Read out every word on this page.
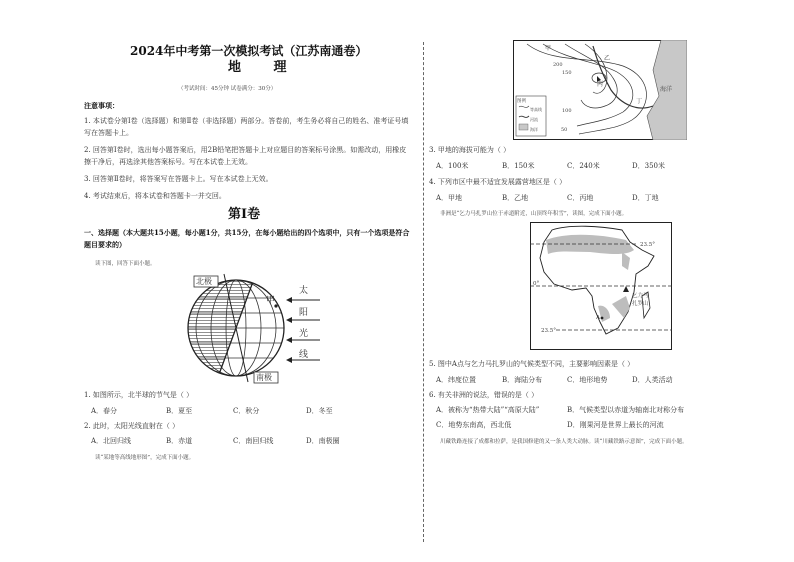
2024年中考第一次模拟考试（江苏南通卷）
地 理
（考试时间：45分钟 试卷满分：30分）
注意事项：
1. 本试卷分第Ⅰ卷（选择题）和第Ⅱ卷（非选择题）两部分。答卷前，考生务必将自己的姓名、准考证号填
写在答题卡上。
2. 回答第Ⅰ卷时，选出每小题答案后，用2B铅笔把答题卡上对应题目的答案标号涂黑。如需改动，用橡皮
擦干净后，再选涂其他答案标号。写在本试卷上无效。
3. 回答第Ⅱ卷时，将答案写在答题卡上。写在本试卷上无效。
4. 考试结束后，将本试卷和答题卡一并交回。
第Ⅰ卷
一、选择题（本大题共15小题，每小题1分，共15分，在每小题给出的四个选项中，只有一个选项是符合
题目要求的）
读下图，回答下面小题。
北极
南极
甲
太
阳
光
线
1. 如图所示，北半球的节气是（ ）
A．春分	B．夏至	C．秋分	D．冬至
2. 此时，太阳光线直射在（ ）
A．北回归线	B．赤道	C．南回归线	D．南极圈
读“某地等高线地形图”，完成下面小题。
甲
乙
丙
丁
海洋
200
150
100
50
图例
等高线
河流
海洋
3. 甲地的海拔可能为（ ）
A．100米	B．150米	C．240米	D．350米
4. 下列市区中最不适宜发展露营地区是（ ）
A．甲地	B．乙地	C．丙地	D．丁地
非洲是“乞力马扎罗山位于赤道附近，山顶终年积雪”，读图，完成下面小题。
23.5°
0°
23.5°
A
乞力马
扎罗山
5. 图中A点与乞力马扎罗山的气候类型不同，主要影响因素是（ ）
A．纬度位置	B．海陆分布	C．地形地势	D．人类活动
6. 有关非洲的说法，错误的是（ ）
A．被称为“热带大陆”“高原大陆”	B．气候类型以赤道为轴南北对称分布
C．地势东南高，西北低	D．刚果河是世界上最长的河流
川藏铁路连接了成都和拉萨，是我国修建的又一条人类大动脉。读“川藏铁路示意图”，完成下面小题。
